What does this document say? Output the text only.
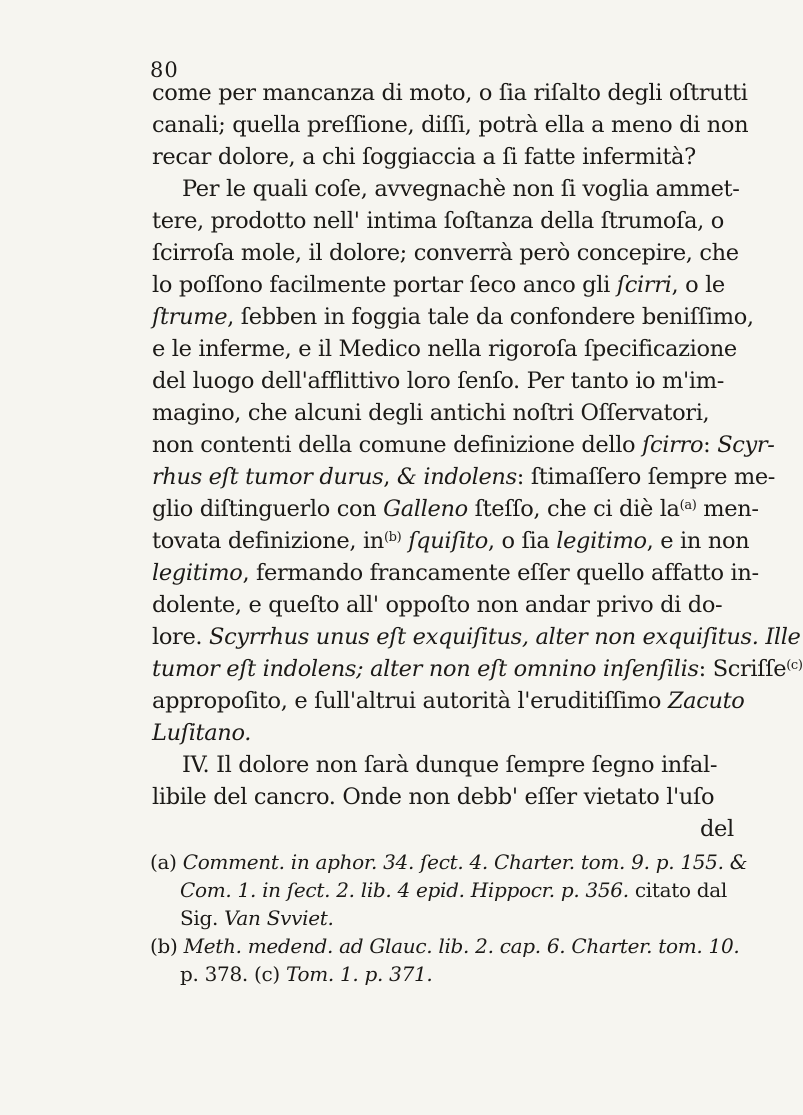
80
come per mancanza di moto, o ſia riſalto degli oſtrutti
canali; quella preſſione, diſſi, potrà ella a meno di non
recar dolore, a chi ſoggiaccia a ſi fatte infermità?
Per le quali coſe, avvegnachè non ſi voglia ammet-
tere, prodotto nell' intima ſoſtanza della ſtrumoſa, o
ſcirroſa mole, il dolore; converrà però concepire, che
lo poſſono facilmente portar ſeco anco gli ſcirri, o le
ſtrume, ſebben in foggia tale da confondere beniſſimo,
e le inferme, e il Medico nella rigoroſa ſpecificazione
del luogo dell'afflittivo loro ſenſo. Per tanto io m'im-
magino, che alcuni degli antichi noſtri Oſſervatori,
non contenti della comune definizione dello ſcirro: Scyr-
rhus eſt tumor durus, & indolens: ſtimaſſero ſempre me-
glio diſtinguerlo con Galleno ſteſſo, che ci diè $la^{(a)}$ men-
tovata definizione, $in^{(b)}$ ſquiſito, o ſia legitimo, e in non
legitimo, fermando francamente eſſer quello affatto in-
dolente, e queſto all' oppoſto non andar privo di do-
lore. Scyrrhus unus eſt exquiſitus, alter non exquiſitus. Ille
tumor eſt indolens; alter non eſt omnino inſenſilis: Scriſſe$^{(c)}$
appropoſito, e ſull'altrui autorità l'eruditiſſimo Zacuto
Luſitano.
IV. Il dolore non ſarà dunque ſempre ſegno infal-
libile del cancro. Onde non debb' eſſer vietato l'uſo
del
(a) Comment. in aphor. 34. ſect. 4. Charter. tom. 9. p. 155. &
Com. 1. in ſect. 2. lib. 4 epid. Hippocr. p. 356. citato dal
Sig. Van Svviet.
(b) Meth. medend. ad Glauc. lib. 2. cap. 6. Charter. tom. 10.
p. 378. (c) Tom. 1. p. 371.
